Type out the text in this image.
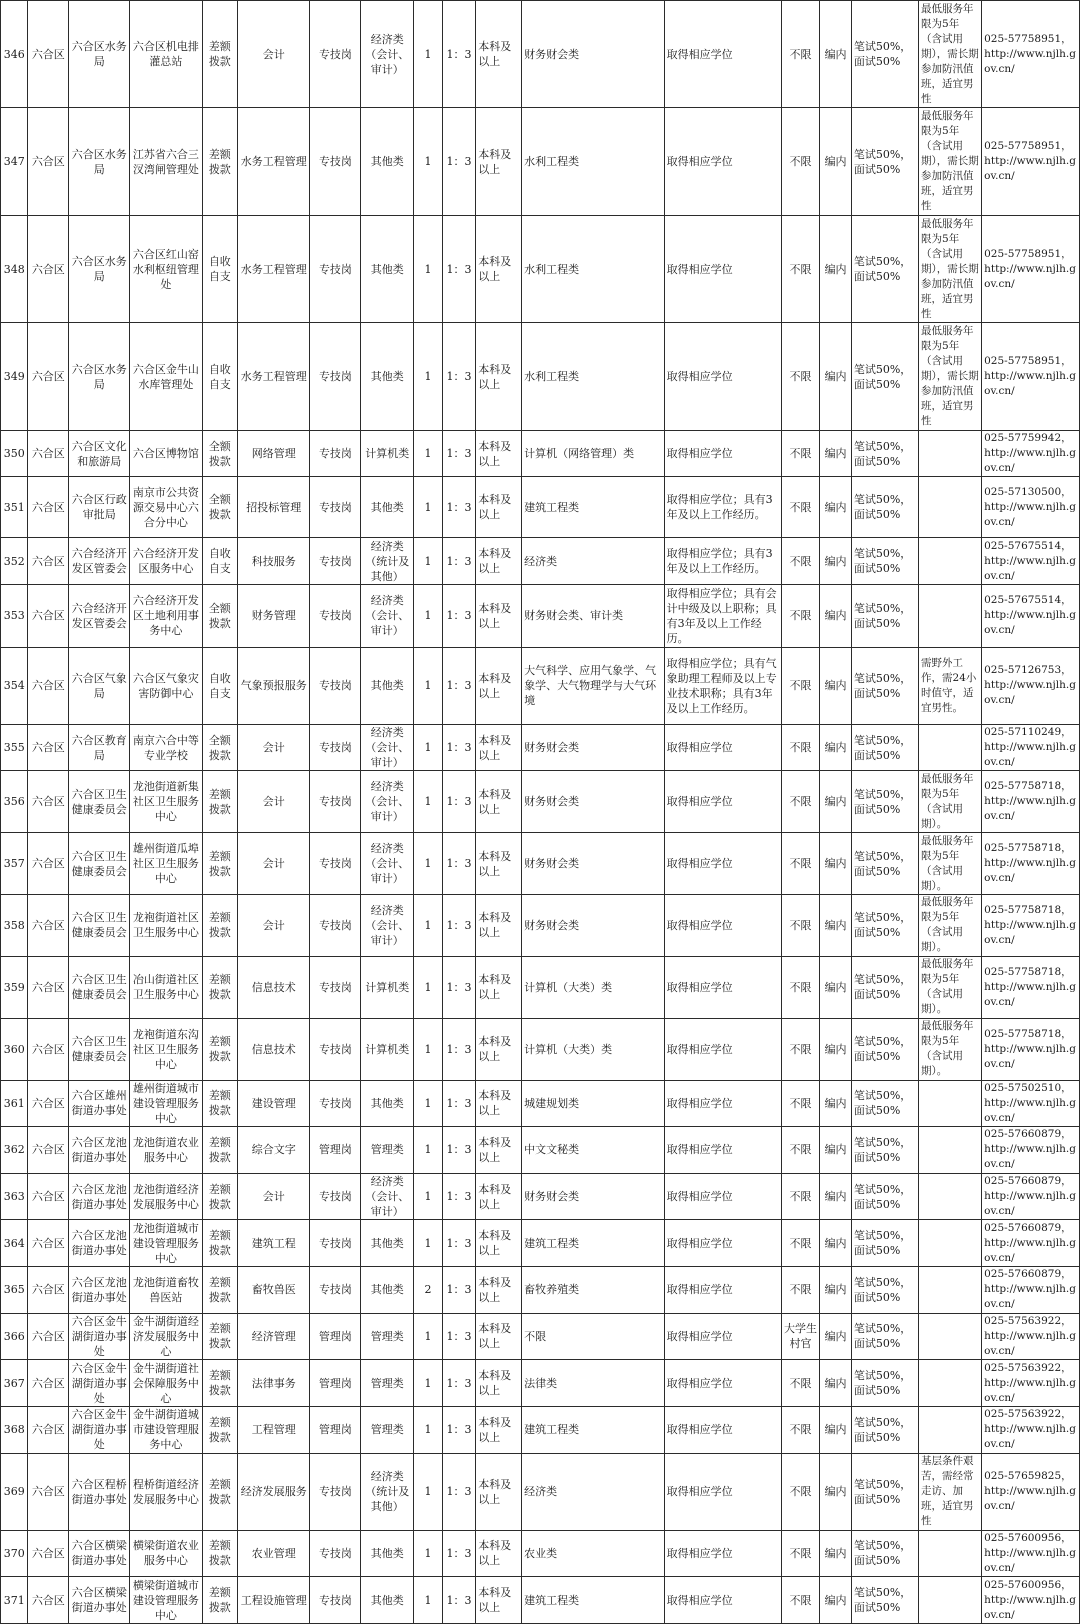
346	六合区	六合区水务局	六合区机电排灌总站	差额拨款	会计	专技岗	经济类（会计、审计）	1	1：3	本科及以上	财务财会类	取得相应学位	不限	编内	笔试50%，面试50%	最低服务年限为5年（含试用期），需长期参加防汛值班，适宜男性	025-57758951，http://www.njlh.gov.cn/
347	六合区	六合区水务局	江苏省六合三汊湾闸管理处	差额拨款	水务工程管理	专技岗	其他类	1	1：3	本科及以上	水利工程类	取得相应学位	不限	编内	笔试50%，面试50%	最低服务年限为5年（含试用期），需长期参加防汛值班，适宜男性	025-57758951，http://www.njlh.gov.cn/
348	六合区	六合区水务局	六合区红山窑水利枢纽管理处	自收自支	水务工程管理	专技岗	其他类	1	1：3	本科及以上	水利工程类	取得相应学位	不限	编内	笔试50%，面试50%	最低服务年限为5年（含试用期），需长期参加防汛值班，适宜男性	025-57758951，http://www.njlh.gov.cn/
349	六合区	六合区水务局	六合区金牛山水库管理处	自收自支	水务工程管理	专技岗	其他类	1	1：3	本科及以上	水利工程类	取得相应学位	不限	编内	笔试50%，面试50%	最低服务年限为5年（含试用期），需长期参加防汛值班，适宜男性	025-57758951，http://www.njlh.gov.cn/
350	六合区	六合区文化和旅游局	六合区博物馆	全额拨款	网络管理	专技岗	计算机类	1	1：3	本科及以上	计算机（网络管理）类	取得相应学位	不限	编内	笔试50%，面试50%		025-57759942，http://www.njlh.gov.cn/
351	六合区	六合区行政审批局	南京市公共资源交易中心六合分中心	全额拨款	招投标管理	专技岗	其他类	1	1：3	本科及以上	建筑工程类	取得相应学位；具有3年及以上工作经历。	不限	编内	笔试50%，面试50%		025-57130500，http://www.njlh.gov.cn/
352	六合区	六合经济开发区管委会	六合经济开发区服务中心	自收自支	科技服务	专技岗	经济类（统计及其他）	1	1：3	本科及以上	经济类	取得相应学位；具有3年及以上工作经历。	不限	编内	笔试50%，面试50%		025-57675514，http://www.njlh.gov.cn/
353	六合区	六合经济开发区管委会	六合经济开发区土地利用事务中心	全额拨款	财务管理	专技岗	经济类（会计、审计）	1	1：3	本科及以上	财务财会类、审计类	取得相应学位；具有会计中级及以上职称；具有3年及以上工作经历。	不限	编内	笔试50%，面试50%		025-57675514，http://www.njlh.gov.cn/
354	六合区	六合区气象局	六合区气象灾害防御中心	自收自支	气象预报服务	专技岗	其他类	1	1：3	本科及以上	大气科学、应用气象学、气象学、大气物理学与大气环境	取得相应学位；具有气象助理工程师及以上专业技术职称；具有3年及以上工作经历。	不限	编内	笔试50%，面试50%	需野外工作，需24小时值守，适宜男性。	025-57126753，http://www.njlh.gov.cn/
355	六合区	六合区教育局	南京六合中等专业学校	全额拨款	会计	专技岗	经济类（会计、审计）	1	1：3	本科及以上	财务财会类	取得相应学位	不限	编内	笔试50%，面试50%		025-57110249，http://www.njlh.gov.cn/
356	六合区	六合区卫生健康委员会	龙池街道新集社区卫生服务中心	差额拨款	会计	专技岗	经济类（会计、审计）	1	1：3	本科及以上	财务财会类	取得相应学位	不限	编内	笔试50%，面试50%	最低服务年限为5年（含试用期）。	025-57758718，http://www.njlh.gov.cn/
357	六合区	六合区卫生健康委员会	雄州街道瓜埠社区卫生服务中心	差额拨款	会计	专技岗	经济类（会计、审计）	1	1：3	本科及以上	财务财会类	取得相应学位	不限	编内	笔试50%，面试50%	最低服务年限为5年（含试用期）。	025-57758718，http://www.njlh.gov.cn/
358	六合区	六合区卫生健康委员会	龙袍街道社区卫生服务中心	差额拨款	会计	专技岗	经济类（会计、审计）	1	1：3	本科及以上	财务财会类	取得相应学位	不限	编内	笔试50%，面试50%	最低服务年限为5年（含试用期）。	025-57758718，http://www.njlh.gov.cn/
359	六合区	六合区卫生健康委员会	冶山街道社区卫生服务中心	差额拨款	信息技术	专技岗	计算机类	1	1：3	本科及以上	计算机（大类）类	取得相应学位	不限	编内	笔试50%，面试50%	最低服务年限为5年（含试用期）。	025-57758718，http://www.njlh.gov.cn/
360	六合区	六合区卫生健康委员会	龙袍街道东沟社区卫生服务中心	差额拨款	信息技术	专技岗	计算机类	1	1：3	本科及以上	计算机（大类）类	取得相应学位	不限	编内	笔试50%，面试50%	最低服务年限为5年（含试用期）。	025-57758718，http://www.njlh.gov.cn/
361	六合区	六合区雄州街道办事处	雄州街道城市建设管理服务中心	差额拨款	建设管理	专技岗	其他类	1	1：3	本科及以上	城建规划类	取得相应学位	不限	编内	笔试50%，面试50%		025-57502510，http://www.njlh.gov.cn/
362	六合区	六合区龙池街道办事处	龙池街道农业服务中心	差额拨款	综合文字	管理岗	管理类	1	1：3	本科及以上	中文文秘类	取得相应学位	不限	编内	笔试50%，面试50%		025-57660879，http://www.njlh.gov.cn/
363	六合区	六合区龙池街道办事处	龙池街道经济发展服务中心	差额拨款	会计	专技岗	经济类（会计、审计）	1	1：3	本科及以上	财务财会类	取得相应学位	不限	编内	笔试50%，面试50%		025-57660879，http://www.njlh.gov.cn/
364	六合区	六合区龙池街道办事处	龙池街道城市建设管理服务中心	差额拨款	建筑工程	专技岗	其他类	1	1：3	本科及以上	建筑工程类	取得相应学位	不限	编内	笔试50%，面试50%		025-57660879，http://www.njlh.gov.cn/
365	六合区	六合区龙池街道办事处	龙池街道畜牧兽医站	差额拨款	畜牧兽医	专技岗	其他类	2	1：3	本科及以上	畜牧养殖类	取得相应学位	不限	编内	笔试50%，面试50%		025-57660879，http://www.njlh.gov.cn/
366	六合区	六合区金牛湖街道办事处	金牛湖街道经济发展服务中心	差额拨款	经济管理	管理岗	管理类	1	1：3	本科及以上	不限	取得相应学位	大学生村官	编内	笔试50%，面试50%		025-57563922，http://www.njlh.gov.cn/
367	六合区	六合区金牛湖街道办事处	金牛湖街道社会保障服务中心	差额拨款	法律事务	管理岗	管理类	1	1：3	本科及以上	法律类	取得相应学位	不限	编内	笔试50%，面试50%		025-57563922，http://www.njlh.gov.cn/
368	六合区	六合区金牛湖街道办事处	金牛湖街道城市建设管理服务中心	差额拨款	工程管理	管理岗	管理类	1	1：3	本科及以上	建筑工程类	取得相应学位	不限	编内	笔试50%，面试50%		025-57563922，http://www.njlh.gov.cn/
369	六合区	六合区程桥街道办事处	程桥街道经济发展服务中心	差额拨款	经济发展服务	专技岗	经济类（统计及其他）	1	1：3	本科及以上	经济类	取得相应学位	不限	编内	笔试50%，面试50%	基层条件艰苦，需经常走访、加班，适宜男性	025-57659825，http://www.njlh.gov.cn/
370	六合区	六合区横梁街道办事处	横梁街道农业服务中心	差额拨款	农业管理	专技岗	其他类	1	1：3	本科及以上	农业类	取得相应学位	不限	编内	笔试50%，面试50%		025-57600956，http://www.njlh.gov.cn/
371	六合区	六合区横梁街道办事处	横梁街道城市建设管理服务中心	差额拨款	工程设施管理	专技岗	其他类	1	1：3	本科及以上	建筑工程类	取得相应学位	不限	编内	笔试50%，面试50%		025-57600956，http://www.njlh.gov.cn/
